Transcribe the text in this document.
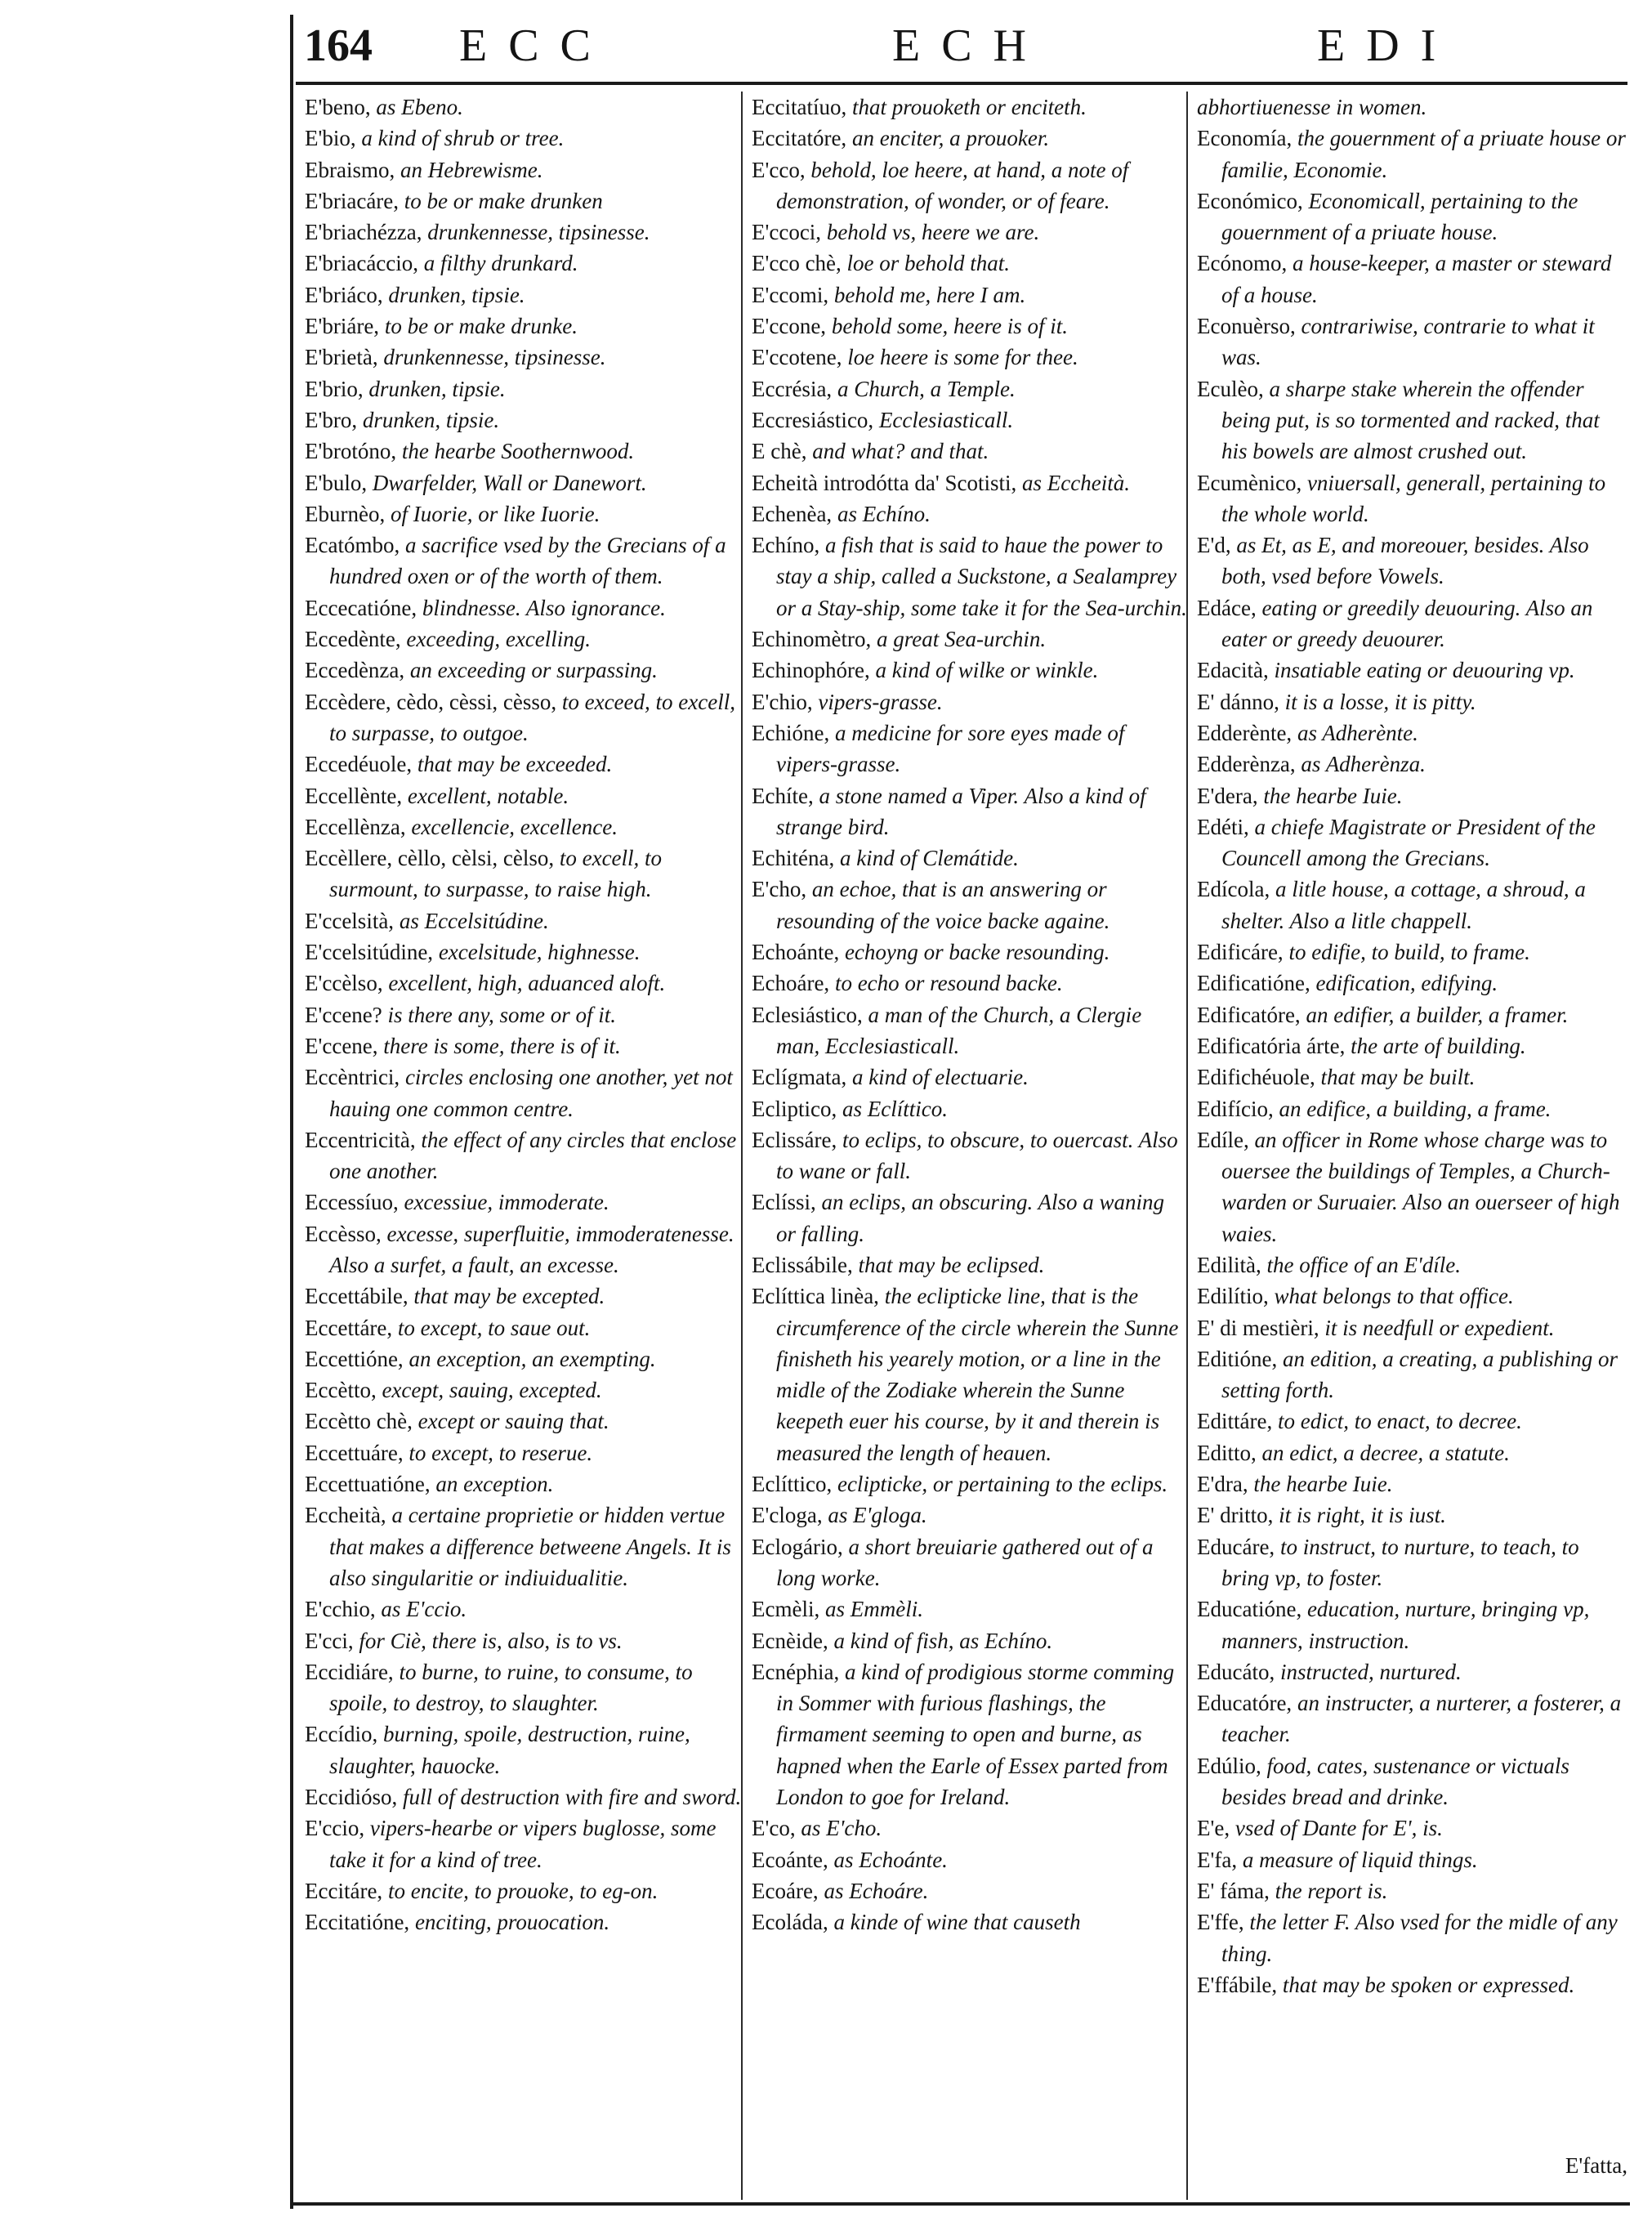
164 ECC	ECH	EDI
E'beno, as Ebeno.
E'bio, a kind of shrub or tree.
Ebraismo, an Hebrewisme.
E'briacáre, to be or make drunken
E'briachézza, drunkennesse, tipsinesse.
E'briacáccio, a filthy drunkard.
E'briáco, drunken, tipsie.
E'briáre, to be or make drunke.
E'brietà, drunkennesse, tipsinesse.
E'brio, drunken, tipsie.
E'bro, drunken, tipsie.
E'brotóno, the hearbe Soothernwood.
E'bulo, Dwarfelder, Wall or Danewort.
Eburnèo, of Iuorie, or like Iuorie.
Ecatómbo, a sacrifice vsed by the Grecians of a hundred oxen or of the worth of them.
Eccecatióne, blindnesse. Also ignorance.
Eccedènte, exceeding, excelling.
Eccedènza, an exceeding or surpassing.
Eccèdere, cèdo, cèssi, cèsso, to exceed, to excell, to surpasse, to outgoe.
Eccedéuole, that may be exceeded.
Eccellènte, excellent, notable.
Eccellènza, excellencie, excellence.
Eccèllere, cèllo, cèlsi, cèlso, to excell, to surmount, to surpasse, to raise high.
E'ccelsità, as Eccelsitúdine.
E'ccelsitúdine, excelsitude, highnesse.
E'ccèlso, excellent, high, aduanced aloft.
E'ccene? is there any, some or of it.
E'ccene, there is some, there is of it.
Eccèntrici, circles enclosing one another, yet not hauing one common centre.
Eccentricità, the effect of any circles that enclose one another.
Eccessíuo, excessiue, immoderate.
Eccèsso, excesse, superfluitie, immoderatenesse. Also a surfet, a fault, an excesse.
Eccettábile, that may be excepted.
Eccettáre, to except, to saue out.
Eccettióne, an exception, an exempting.
Eccètto, except, sauing, excepted.
Eccètto chè, except or sauing that.
Eccettuáre, to except, to reserue.
Eccettuatióne, an exception.
Eccheità, a certaine proprietie or hidden vertue that makes a difference betweene Angels. It is also singularitie or indiuidualitie.
E'cchio, as E'ccio.
E'cci, for Ciè, there is, also, is to vs.
Eccidiáre, to burne, to ruine, to consume, to spoile, to destroy, to slaughter.
Eccídio, burning, spoile, destruction, ruine, slaughter, hauocke.
Eccidióso, full of destruction with fire and sword.
E'ccio, vipers-hearbe or vipers buglosse, some take it for a kind of tree.
Eccitáre, to encite, to prouoke, to eg-on.
Eccitatióne, enciting, prouocation.
Eccitatíuo, that prouoketh or enciteth.
Eccitatóre, an enciter, a prouoker.
E'cco, behold, loe heere, at hand, a note of demonstration, of wonder, or of feare.
E'ccoci, behold vs, heere we are.
E'cco chè, loe or behold that.
E'ccomi, behold me, here I am.
E'ccone, behold some, heere is of it.
E'ccotene, loe heere is some for thee.
Eccrésia, a Church, a Temple.
Eccresiástico, Ecclesiasticall.
E chè, and what? and that.
Echeità introdótta da' Scotisti, as Eccheità.
Echenèa, as Echíno.
Echíno, a fish that is said to haue the power to stay a ship, called a Suckstone, a Sealamprey or a Stay-ship, some take it for the Sea-urchin.
Echinomètro, a great Sea-urchin.
Echinophóre, a kind of wilke or winkle.
E'chio, vipers-grasse.
Echióne, a medicine for sore eyes made of vipers-grasse.
Echíte, a stone named a Viper. Also a kind of strange bird.
Echiténa, a kind of Clemátide.
E'cho, an echoe, that is an answering or resounding of the voice backe againe.
Echoánte, echoyng or backe resounding.
Echoáre, to echo or resound backe.
Eclesiástico, a man of the Church, a Clergie man, Ecclesiasticall.
Eclígmata, a kind of electuarie.
Ecliptico, as Eclíttico.
Eclissáre, to eclips, to obscure, to ouercast. Also to wane or fall.
Eclíssi, an eclips, an obscuring. Also a waning or falling.
Eclissábile, that may be eclipsed.
Eclíttica linèa, the eclipticke line, that is the circumference of the circle wherein the Sunne finisheth his yearely motion, or a line in the midle of the Zodiake wherein the Sunne keepeth euer his course, by it and therein is measured the length of heauen.
Eclíttico, eclipticke, or pertaining to the eclips.
E'cloga, as E'gloga.
Eclogário, a short breuiarie gathered out of a long worke.
Ecmèli, as Emmèli.
Ecnèide, a kind of fish, as Echíno.
Ecnéphia, a kind of prodigious storme comming in Sommer with furious flashings, the firmament seeming to open and burne, as hapned when the Earle of Essex parted from London to goe for Ireland.
E'co, as E'cho.
Ecoánte, as Echoánte.
Ecoáre, as Echoáre.
Ecoláda, a kinde of wine that causeth
abhortiuenesse in women.
Economía, the gouernment of a priuate house or familie, Economie.
Económico, Economicall, pertaining to the gouernment of a priuate house.
Ecónomo, a house-keeper, a master or steward of a house.
Econuèrso, contrariwise, contrarie to what it was.
Eculèo, a sharpe stake wherein the offender being put, is so tormented and racked, that his bowels are almost crushed out.
Ecumènico, vniuersall, generall, pertaining to the whole world.
E'd, as Et, as E, and moreouer, besides. Also both, vsed before Vowels.
Edáce, eating or greedily deuouring. Also an eater or greedy deuourer.
Edacità, insatiable eating or deuouring vp.
E' dánno, it is a losse, it is pitty.
Edderènte, as Adherènte.
Edderènza, as Adherènza.
E'dera, the hearbe Iuie.
Edéti, a chiefe Magistrate or President of the Councell among the Grecians.
Edícola, a litle house, a cottage, a shroud, a shelter. Also a litle chappell.
Edificáre, to edifie, to build, to frame.
Edificatióne, edification, edifying.
Edificatóre, an edifier, a builder, a framer.
Edificatória árte, the arte of building.
Edifichéuole, that may be built.
Edifício, an edifice, a building, a frame.
Edíle, an officer in Rome whose charge was to ouersee the buildings of Temples, a Church-warden or Suruaier. Also an ouerseer of high waies.
Edilità, the office of an E'díle.
Edilítio, what belongs to that office.
E' di mestièri, it is needfull or expedient.
Editióne, an edition, a creating, a publishing or setting forth.
Edittáre, to edict, to enact, to decree.
Editto, an edict, a decree, a statute.
E'dra, the hearbe Iuie.
E' dritto, it is right, it is iust.
Educáre, to instruct, to nurture, to teach, to bring vp, to foster.
Educatióne, education, nurture, bringing vp, manners, instruction.
Educáto, instructed, nurtured.
Educatóre, an instructer, a nurterer, a fosterer, a teacher.
Edúlio, food, cates, sustenance or victuals besides bread and drinke.
E'e, vsed of Dante for E', is.
E'fa, a measure of liquid things.
E' fáma, the report is.
E'ffe, the letter F. Also vsed for the midle of any thing.
E'ffábile, that may be spoken or expressed.
E'fatta,
